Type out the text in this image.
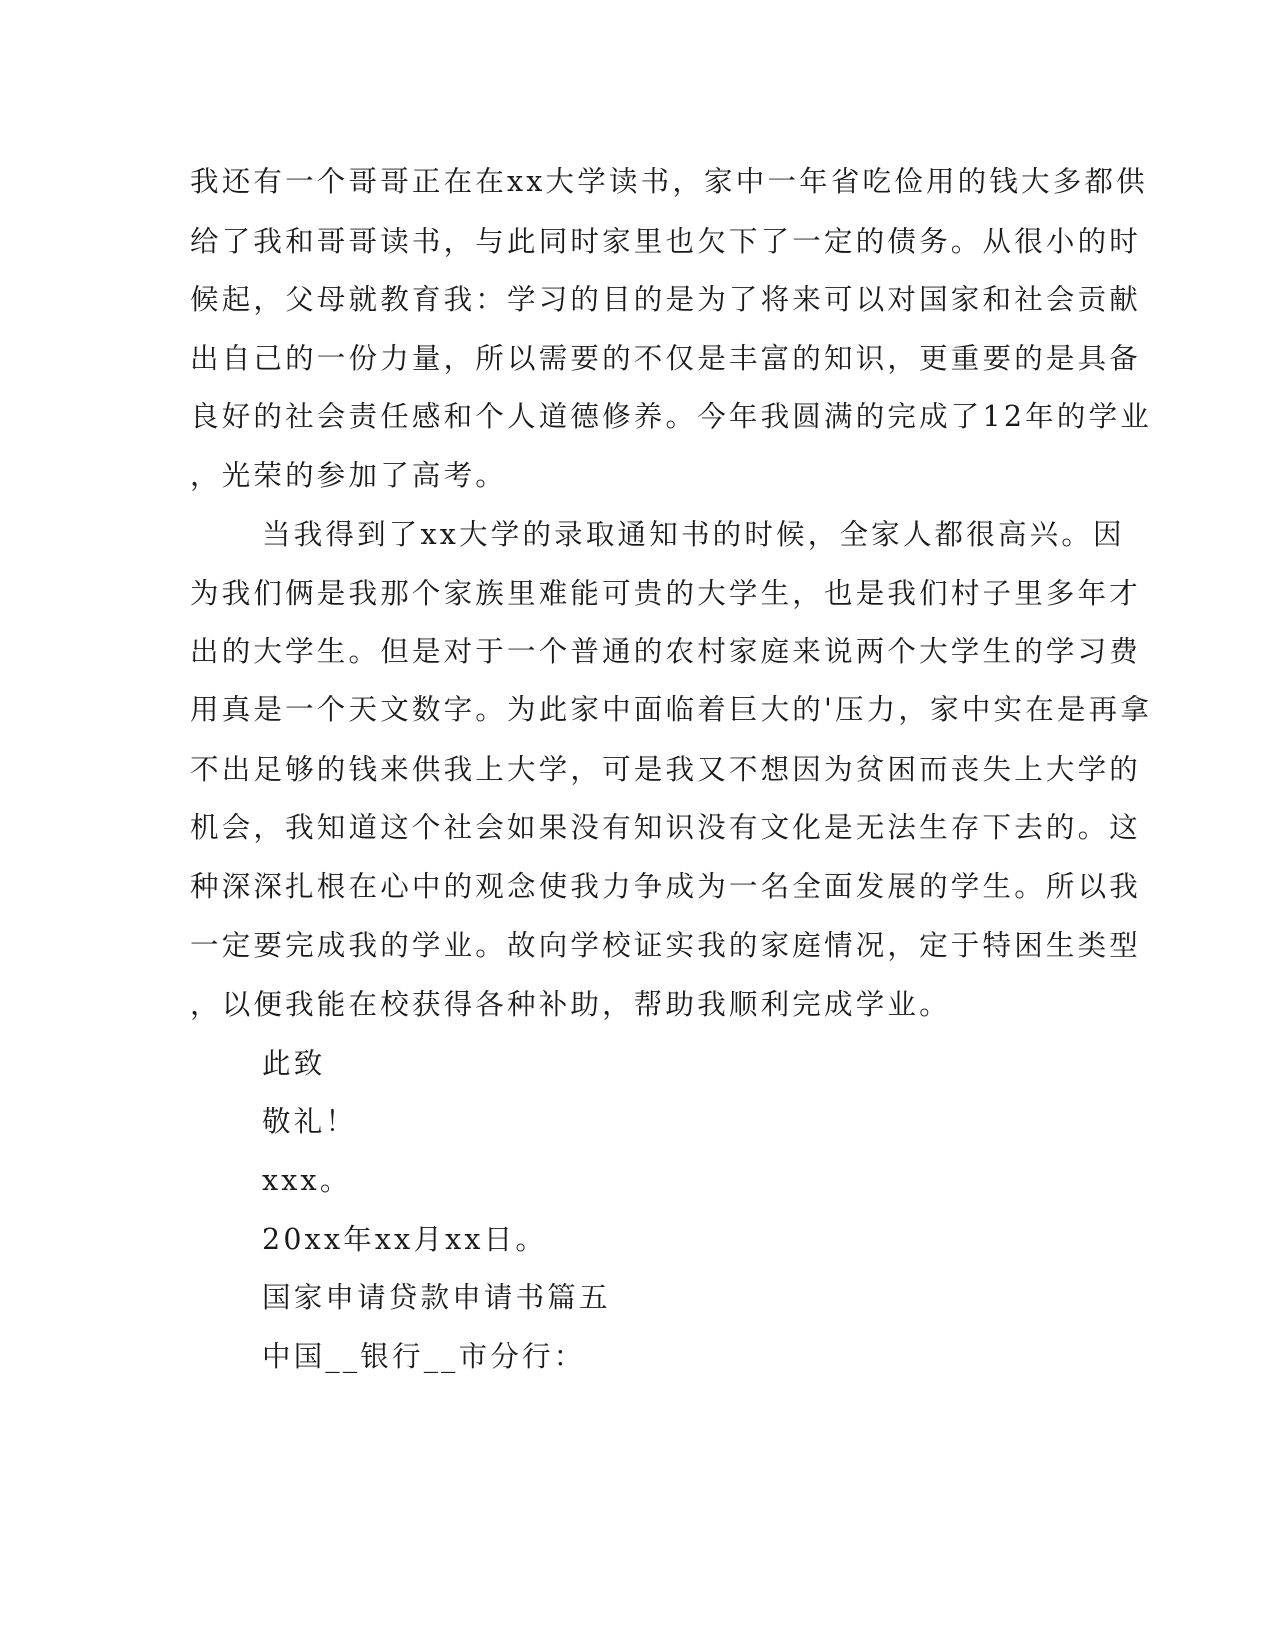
我还有一个哥哥正在在xx大学读书，家中一年省吃俭用的钱大多都供
给了我和哥哥读书，与此同时家里也欠下了一定的债务。从很小的时
候起，父母就教育我：学习的目的是为了将来可以对国家和社会贡献
出自己的一份力量，所以需要的不仅是丰富的知识，更重要的是具备
良好的社会责任感和个人道德修养。今年我圆满的完成了12年的学业
，光荣的参加了高考。
当我得到了xx大学的录取通知书的时候，全家人都很高兴。因
为我们俩是我那个家族里难能可贵的大学生，也是我们村子里多年才
出的大学生。但是对于一个普通的农村家庭来说两个大学生的学习费
用真是一个天文数字。为此家中面临着巨大的'压力，家中实在是再拿
不出足够的钱来供我上大学，可是我又不想因为贫困而丧失上大学的
机会，我知道这个社会如果没有知识没有文化是无法生存下去的。这
种深深扎根在心中的观念使我力争成为一名全面发展的学生。所以我
一定要完成我的学业。故向学校证实我的家庭情况，定于特困生类型
，以便我能在校获得各种补助，帮助我顺利完成学业。
此致
敬礼！
xxx。
20xx年xx月xx日。
国家申请贷款申请书篇五
中国__银行__市分行：
